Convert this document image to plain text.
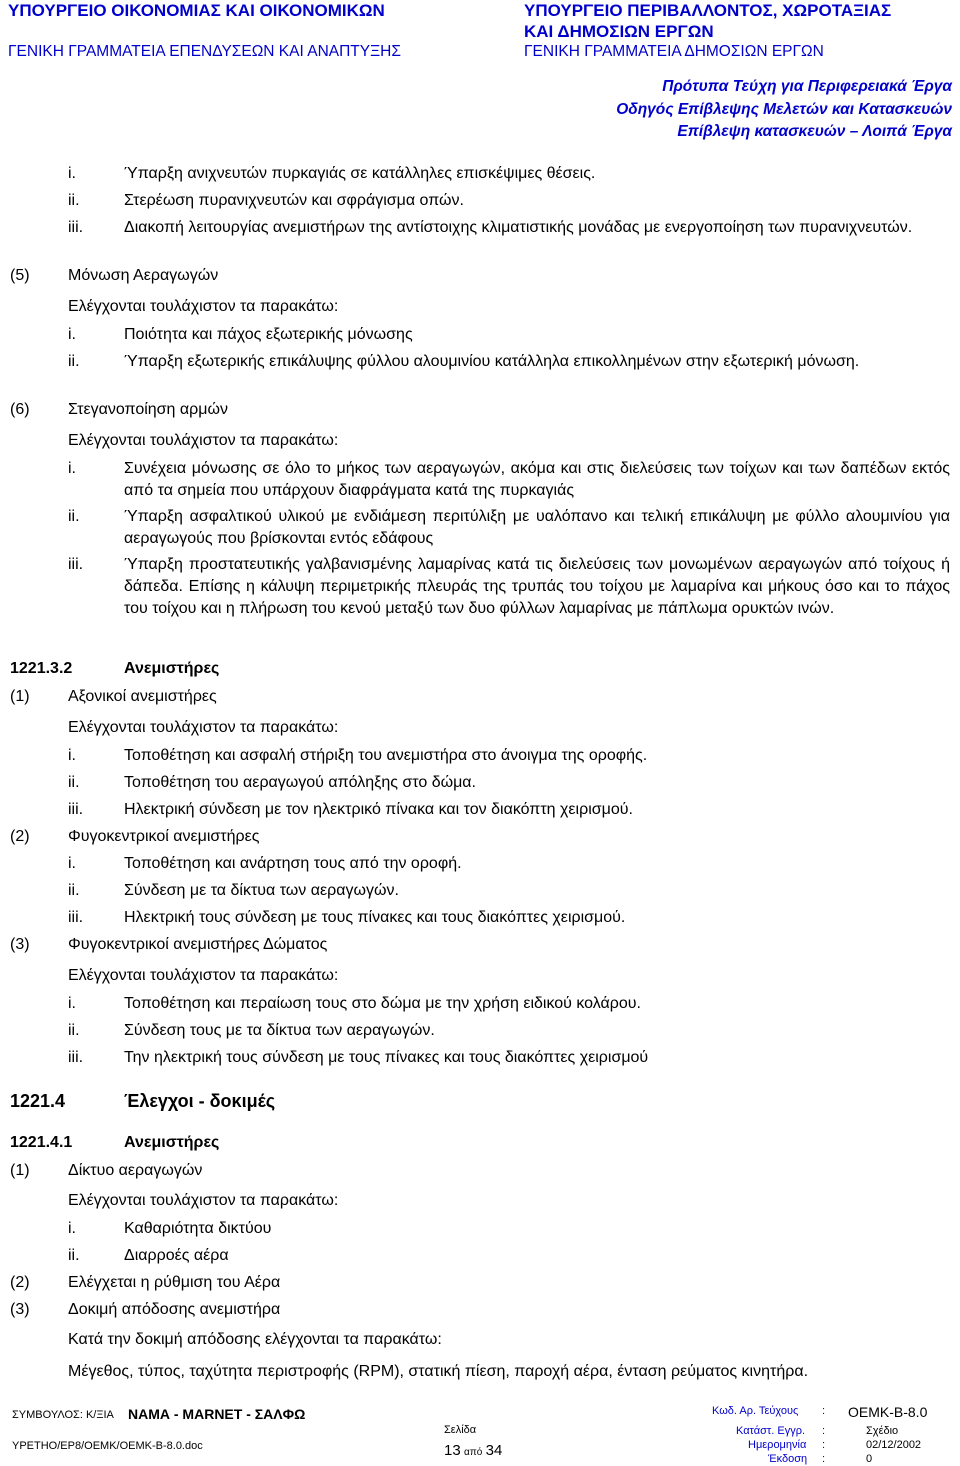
ΥΠΟΥΡΓΕΙΟ ΟΙΚΟΝΟΜΙΑΣ ΚΑΙ ΟΙΚΟΝΟΜΙΚΩΝ
ΓΕΝΙΚΗ ΓΡΑΜΜΑΤΕΙΑ ΕΠΕΝΔΥΣΕΩΝ ΚΑΙ ΑΝΑΠΤΥΞΗΣ
ΥΠΟΥΡΓΕΙΟ ΠΕΡΙΒΑΛΛΟΝΤΟΣ, ΧΩΡΟΤΑΞΙΑΣ
ΚΑΙ ΔΗΜΟΣΙΩΝ ΕΡΓΩΝ
ΓΕΝΙΚΗ ΓΡΑΜΜΑΤΕΙΑ ΔΗΜΟΣΙΩΝ ΕΡΓΩΝ
Πρότυπα Τεύχη για Περιφερειακά Έργα
Οδηγός Επίβλεψης Μελετών και Κατασκευών
Επίβλεψη κατασκευών – Λοιπά Έργα
i.	Ύπαρξη ανιχνευτών πυρκαγιάς σε κατάλληλες επισκέψιμες θέσεις.
ii.	Στερέωση πυρανιχνευτών και σφράγισμα οπών.
iii.	Διακοπή λειτουργίας ανεμιστήρων της αντίστοιχης κλιματιστικής μονάδας με ενεργοποίηση των πυρανιχνευτών.
(5) Μόνωση Αεραγωγών
Ελέγχονται τουλάχιστον τα παρακάτω:
i.	Ποιότητα και πάχος εξωτερικής μόνωσης
ii.	Ύπαρξη εξωτερικής επικάλυψης φύλλου αλουμινίου κατάλληλα επικολλημένων στην εξωτερική μόνωση.
(6) Στεγανοποίηση αρμών
Ελέγχονται τουλάχιστον τα παρακάτω:
i.	Συνέχεια μόνωσης σε όλο το μήκος των αεραγωγών, ακόμα και στις διελεύσεις των τοίχων και των δαπέδων εκτός από τα σημεία που υπάρχουν διαφράγματα κατά της πυρκαγιάς
ii.	Ύπαρξη ασφαλτικού υλικού με ενδιάμεση περιτύλιξη με υαλόπανο και τελική επικάλυψη με φύλλο αλουμινίου για αεραγωγούς που βρίσκονται εντός εδάφους
iii.	Ύπαρξη προστατευτικής γαλβανισμένης λαμαρίνας κατά τις διελεύσεις των μονωμένων αεραγωγών από τοίχους ή δάπεδα. Επίσης η κάλυψη περιμετρικής πλευράς της τρυπάς του τοίχου με λαμαρίνα και μήκους όσο και το πάχος του τοίχου και η πλήρωση του κενού μεταξύ των δυο φύλλων λαμαρίνας με πάπλωμα ορυκτών ινών.
1221.3.2	Ανεμιστήρες
(1) Αξονικοί ανεμιστήρες
Ελέγχονται τουλάχιστον τα παρακάτω:
i.	Τοποθέτηση και ασφαλή στήριξη του ανεμιστήρα στο άνοιγμα της οροφής.
ii.	Τοποθέτηση του αεραγωγού απόληξης στο δώμα.
iii.	Ηλεκτρική σύνδεση με τον ηλεκτρικό πίνακα και τον διακόπτη χειρισμού.
(2) Φυγοκεντρικοί ανεμιστήρες
i.	Τοποθέτηση και ανάρτηση τους από την οροφή.
ii.	Σύνδεση με τα δίκτυα των αεραγωγών.
iii.	Ηλεκτρική τους σύνδεση με τους πίνακες και τους διακόπτες χειρισμού.
(3) Φυγοκεντρικοί ανεμιστήρες Δώματος
Ελέγχονται τουλάχιστον τα παρακάτω:
i.	Τοποθέτηση και περαίωση τους στο δώμα με την χρήση ειδικού κολάρου.
ii.	Σύνδεση τους με τα δίκτυα των αεραγωγών.
iii.	Την ηλεκτρική τους σύνδεση με τους πίνακες και τους διακόπτες χειρισμού
1221.4	Έλεγχοι - δοκιμές
1221.4.1	Ανεμιστήρες
(1) Δίκτυο αεραγωγών
Ελέγχονται τουλάχιστον τα παρακάτω:
i.	Καθαριότητα δικτύου
ii.	Διαρροές αέρα
(2) Ελέγχεται η ρύθμιση του Αέρα
(3) Δοκιμή απόδοσης ανεμιστήρα
Κατά την δοκιμή απόδοσης ελέγχονται τα παρακάτω:
Μέγεθος, τύπος, ταχύτητα περιστροφής (RPM), στατική πίεση, παροχή αέρα, ένταση ρεύματος κινητήρα.
ΣΥΜΒΟΥΛΟΣ: Κ/ΞΙΑ ΝΑΜΑ - ΜΑRΝΕΤ - ΣΑΛΦΩ
ΥΡΕΤΗΟ/ΕΡ8/ΟΕΜΚ/ΟΕΜΚ-Β-8.0.doc
Σελίδα
13 από 34
Κωδ. Αρ. Τεύχους : ΟΕΜΚ-Β-8.0
Κατάστ. Εγγρ. :	Σχέδιο
Ημερομηνία :	02/12/2002
Έκδοση :	0
